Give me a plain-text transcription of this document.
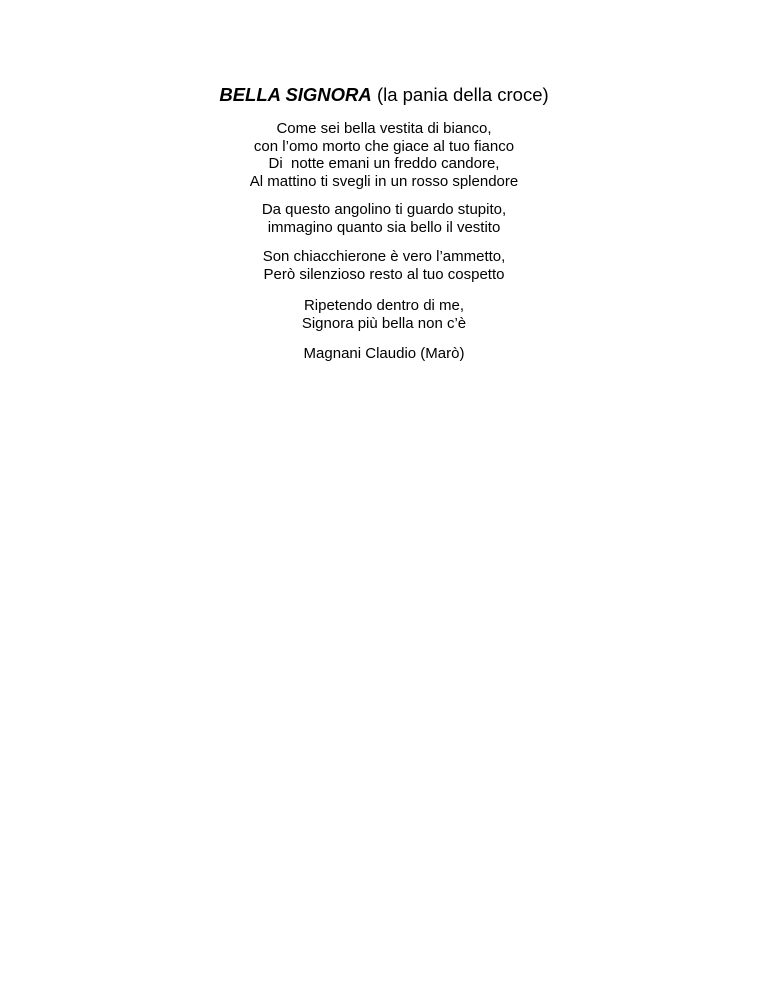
BELLA SIGNORA (la pania della croce)
Come sei bella vestita di bianco,
con l’omo morto che giace al tuo fianco
Di  notte emani un freddo candore,
Al mattino ti svegli in un rosso splendore
Da questo angolino ti guardo stupito,
immagino quanto sia bello il vestito
Son chiacchierone è vero l’ammetto,
Però silenzioso resto al tuo cospetto
Ripetendo dentro di me,
Signora più bella non c’è
Magnani Claudio (Marò)
